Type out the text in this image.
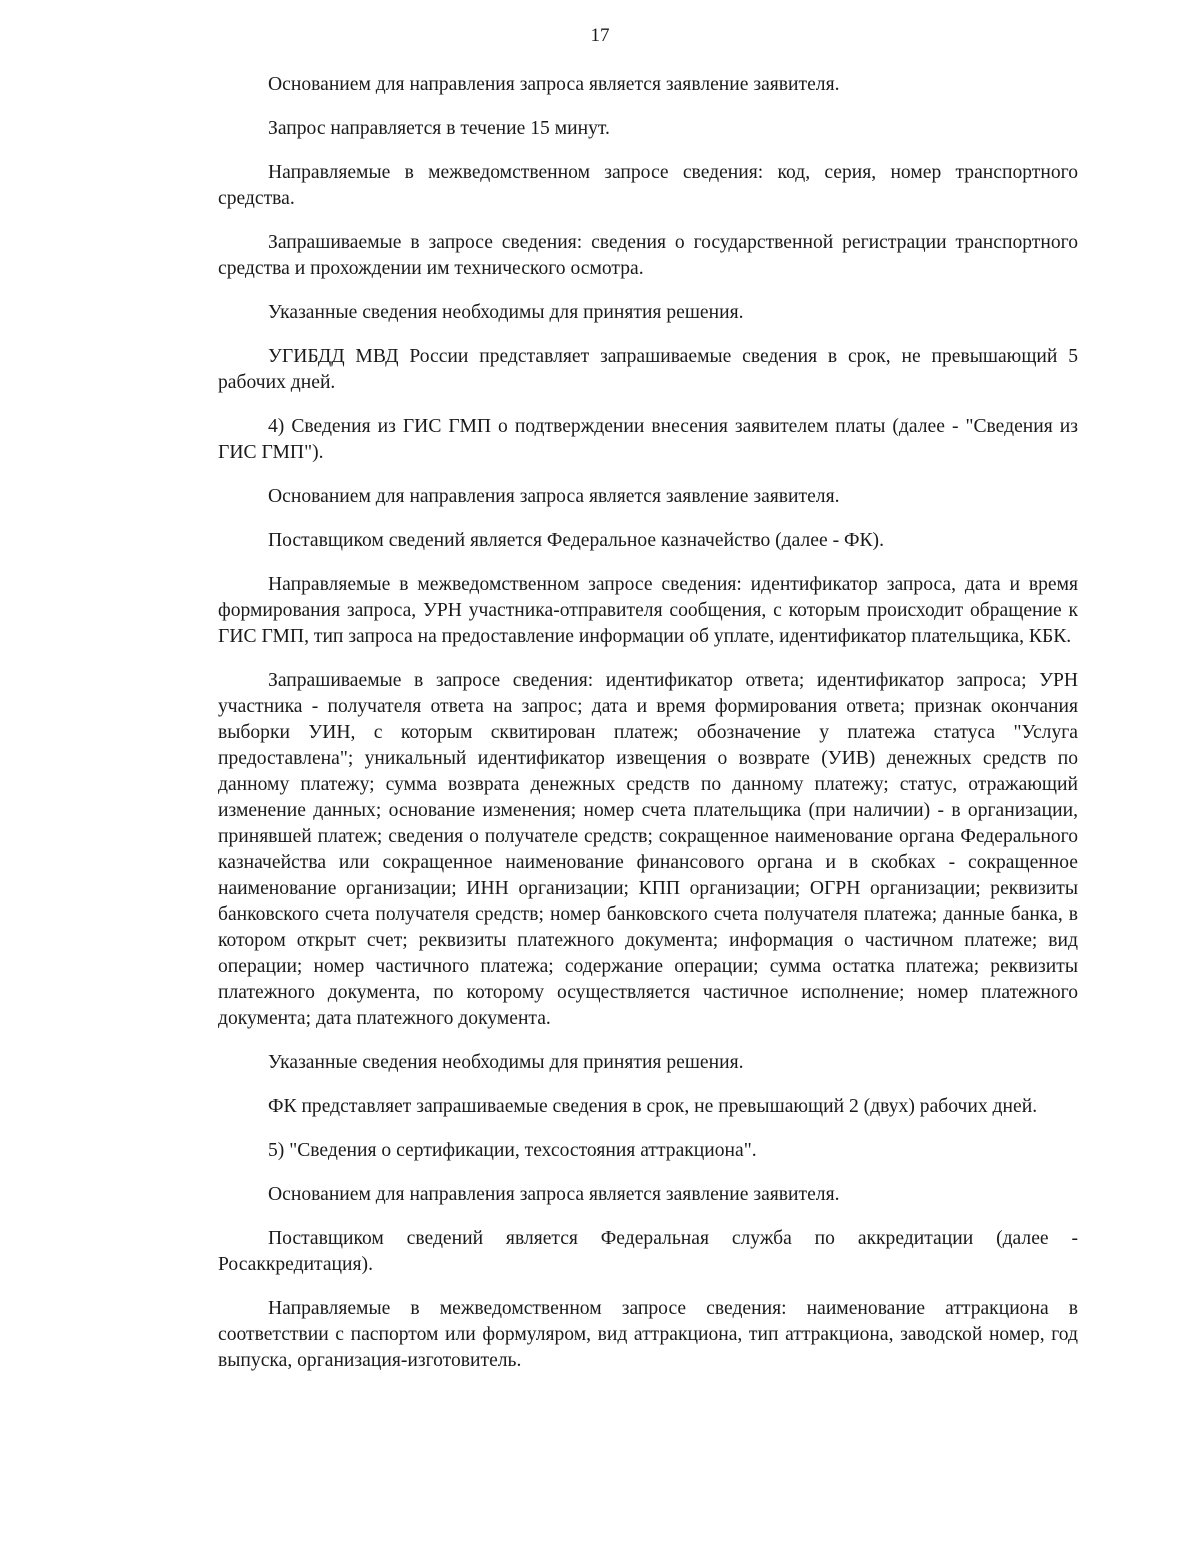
17

Основанием для направления запроса является заявление заявителя.

Запрос направляется в течение 15 минут.

Направляемые в межведомственном запросе сведения: код, серия, номер транспортного средства.

Запрашиваемые в запросе сведения: сведения о государственной регистрации транспортного средства и прохождении им технического осмотра.

Указанные сведения необходимы для принятия решения.

УГИБДД МВД России представляет запрашиваемые сведения в срок, не превышающий 5 рабочих дней.

4) Сведения из ГИС ГМП о подтверждении внесения заявителем платы (далее - "Сведения из ГИС ГМП").

Основанием для направления запроса является заявление заявителя.

Поставщиком сведений является Федеральное казначейство (далее - ФК).

Направляемые в межведомственном запросе сведения: идентификатор запроса, дата и время формирования запроса, УРН участника-отправителя сообщения, с которым происходит обращение к ГИС ГМП, тип запроса на предоставление информации об уплате, идентификатор плательщика, КБК.

Запрашиваемые в запросе сведения: идентификатор ответа; идентификатор запроса; УРН участника - получателя ответа на запрос; дата и время формирования ответа; признак окончания выборки УИН, с которым сквитирован платеж; обозначение у платежа статуса "Услуга предоставлена"; уникальный идентификатор извещения о возврате (УИВ) денежных средств по данному платежу; сумма возврата денежных средств по данному платежу; статус, отражающий изменение данных; основание изменения; номер счета плательщика (при наличии) - в организации, принявшей платеж; сведения о получателе средств; сокращенное наименование органа Федерального казначейства или сокращенное наименование финансового органа и в скобках - сокращенное наименование организации; ИНН организации; КПП организации; ОГРН организации; реквизиты банковского счета получателя средств; номер банковского счета получателя платежа; данные банка, в котором открыт счет; реквизиты платежного документа; информация о частичном платеже; вид операции; номер частичного платежа; содержание операции; сумма остатка платежа; реквизиты платежного документа, по которому осуществляется частичное исполнение; номер платежного документа; дата платежного документа.

Указанные сведения необходимы для принятия решения.

ФК представляет запрашиваемые сведения в срок, не превышающий 2 (двух) рабочих дней.

5) "Сведения о сертификации, техсостояния аттракциона".

Основанием для направления запроса является заявление заявителя.

Поставщиком сведений является Федеральная служба по аккредитации (далее - Росаккредитация).

Направляемые в межведомственном запросе сведения: наименование аттракциона в соответствии с паспортом или формуляром, вид аттракциона, тип аттракциона, заводской номер, год выпуска, организация-изготовитель.
